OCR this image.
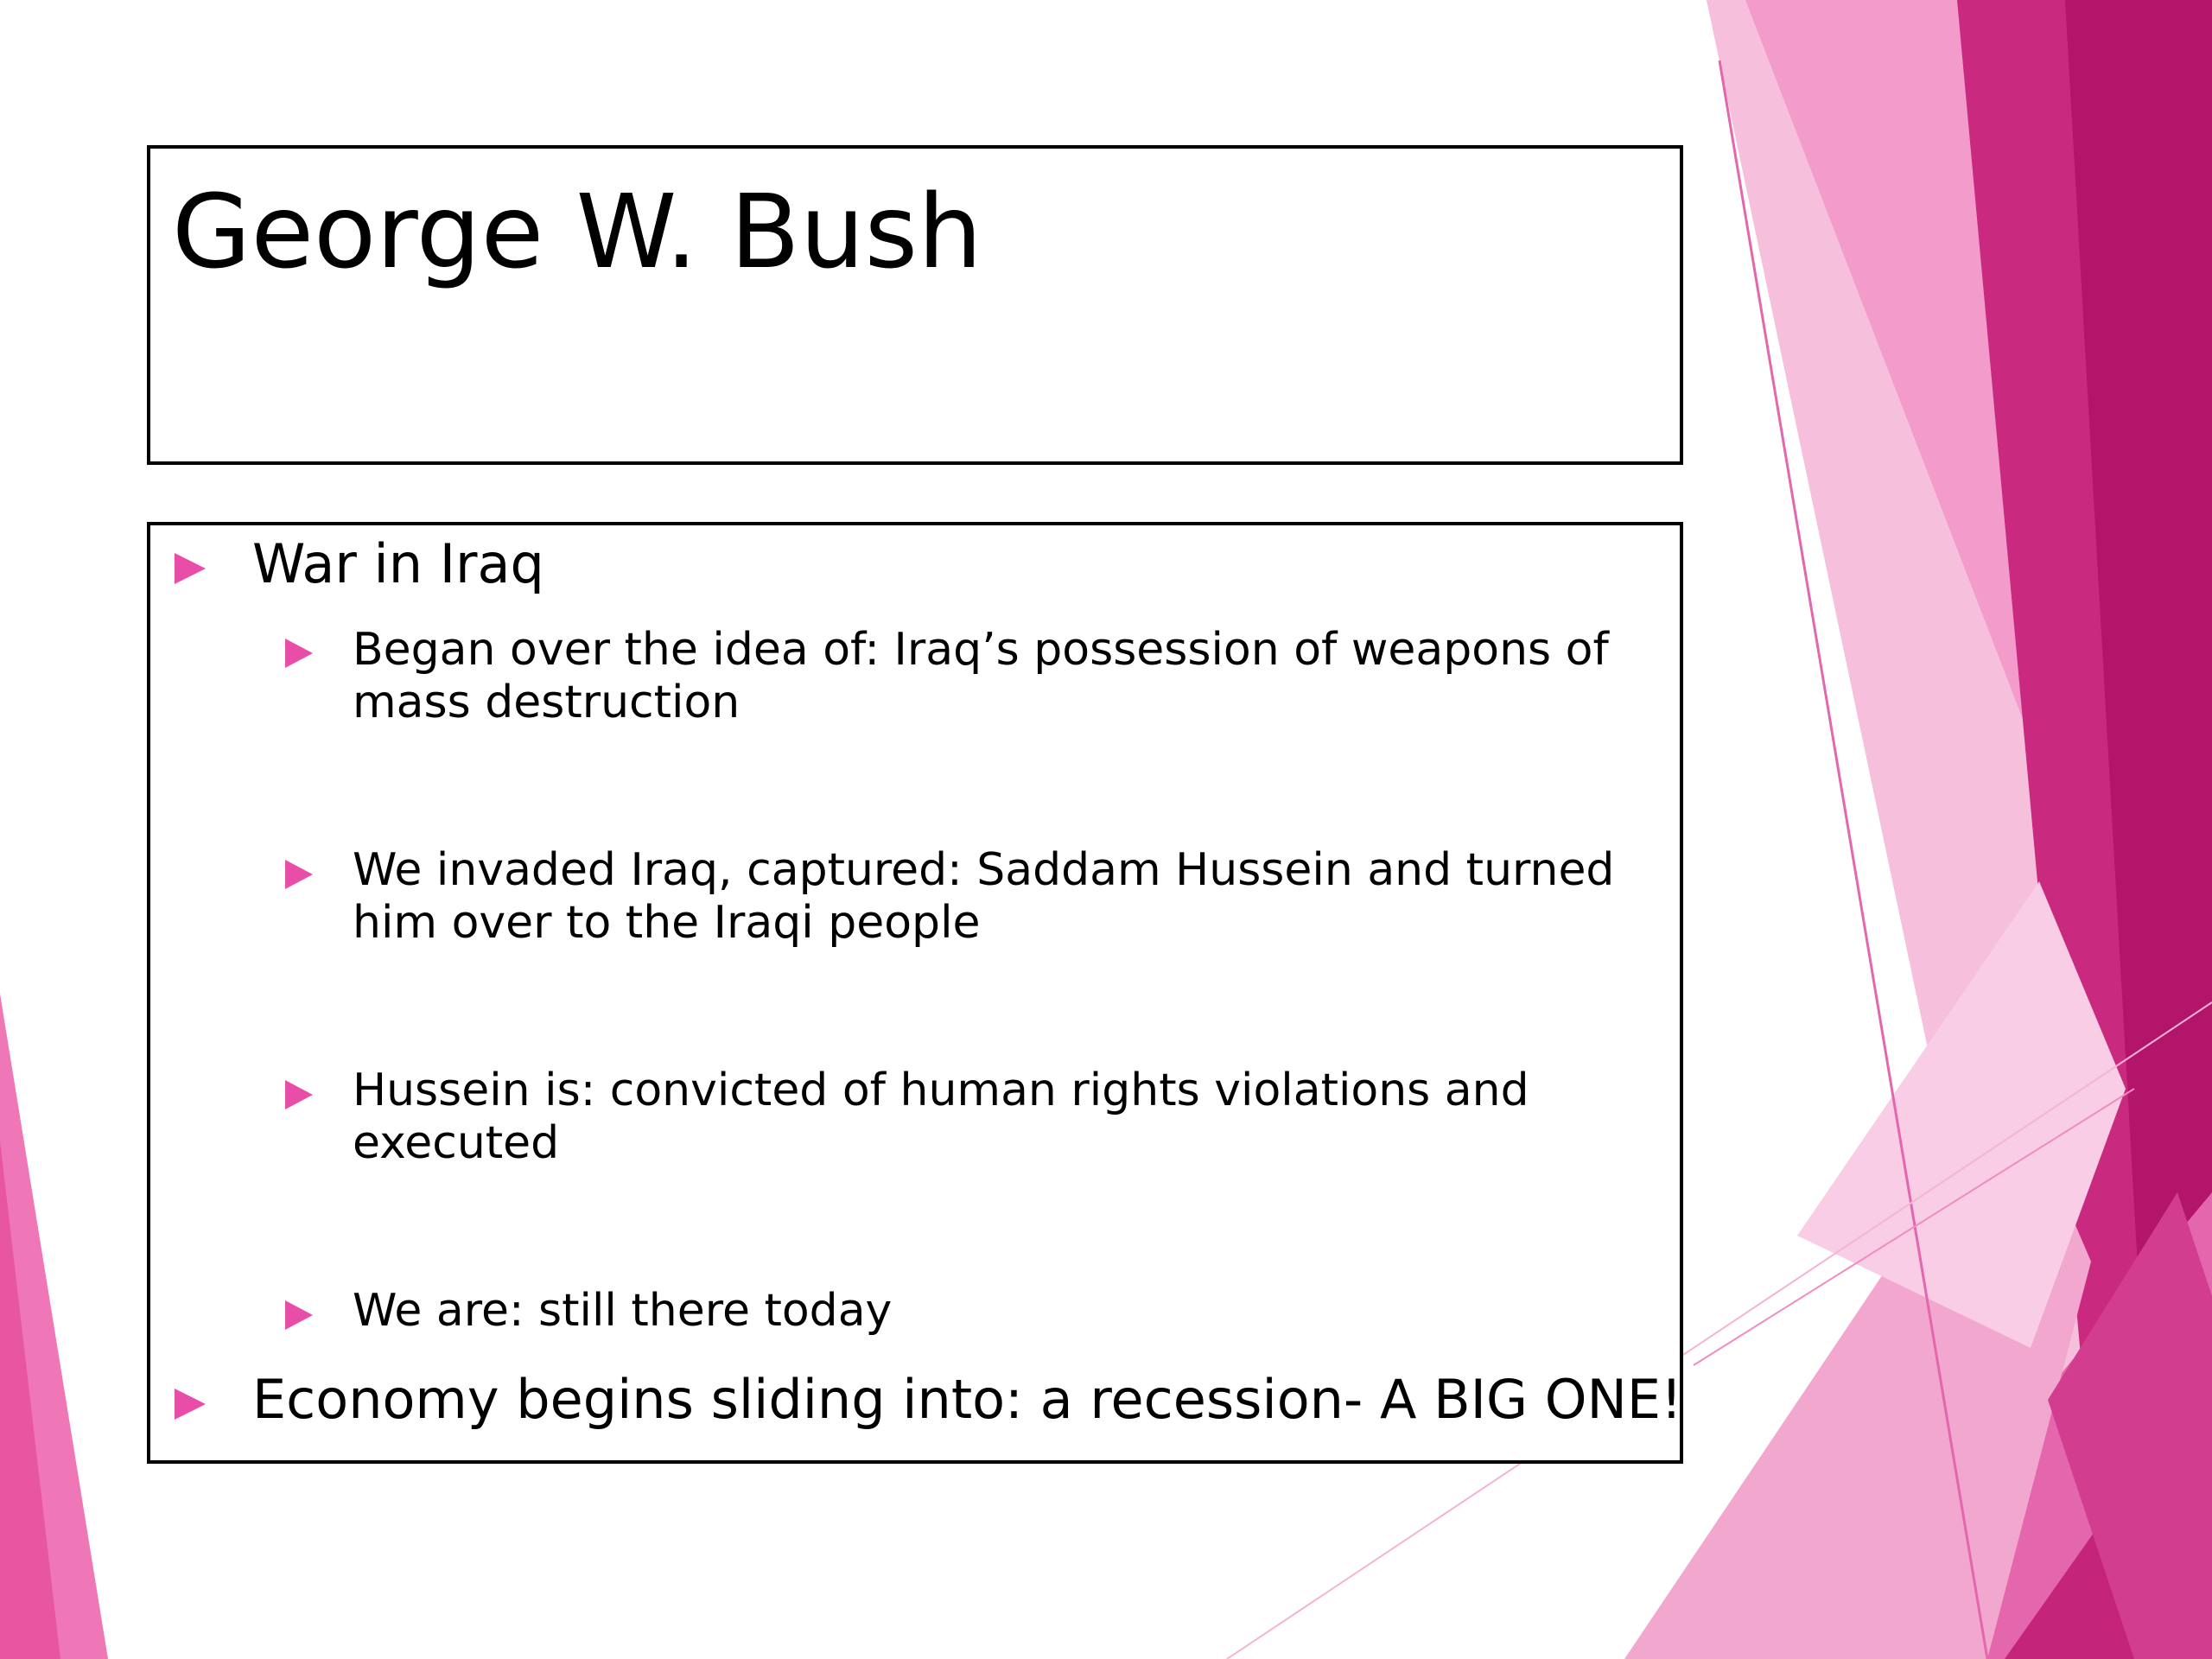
George W. Bush
War in Iraq
Began over the idea of: Iraq’s possession of weapons of mass destruction
We invaded Iraq, captured: Saddam Hussein and turned him over to the Iraqi people
Hussein is: convicted of human rights violations and executed
We are: still there today
Economy begins sliding into: a recession- A BIG ONE!
